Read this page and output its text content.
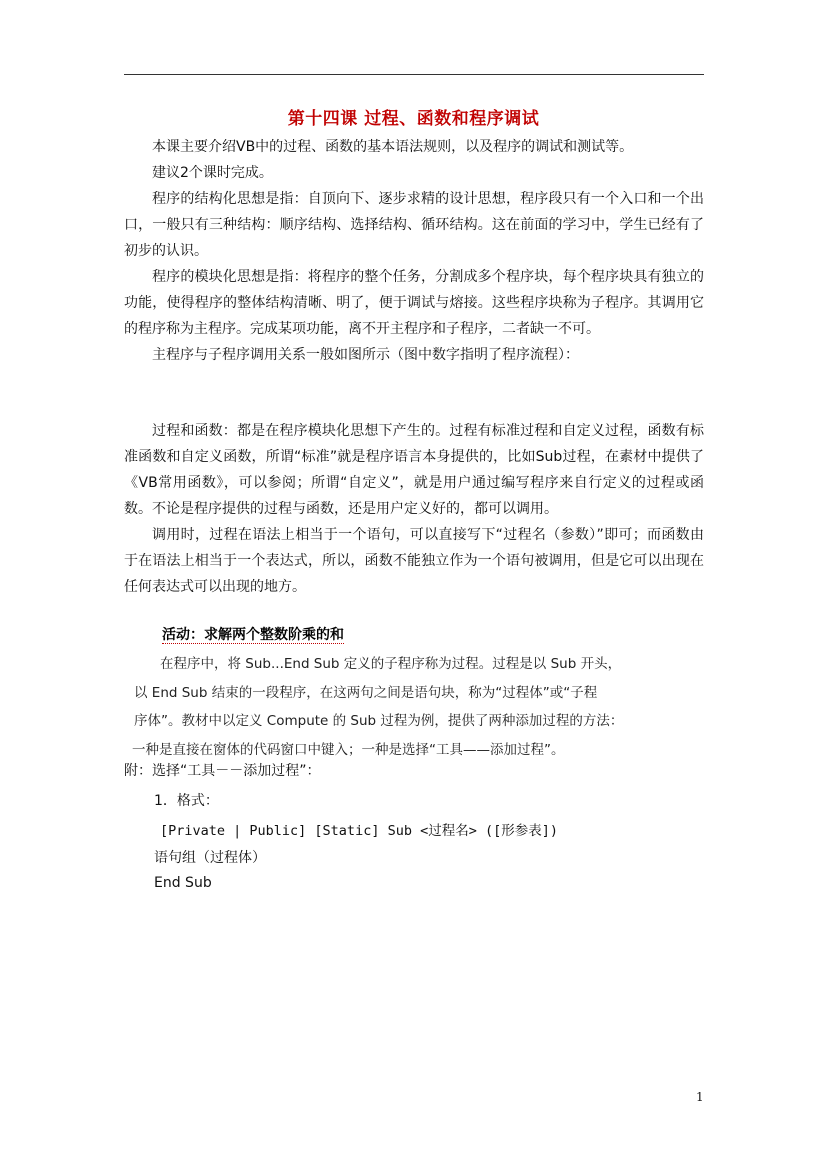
第十四课 过程、函数和程序调试

本课主要介绍VB中的过程、函数的基本语法规则，以及程序的调试和测试等。

建议2个课时完成。

程序的结构化思想是指：自顶向下、逐步求精的设计思想，程序段只有一个入口和一个出口，一般只有三种结构：顺序结构、选择结构、循环结构。这在前面的学习中，学生已经有了初步的认识。

程序的模块化思想是指：将程序的整个任务，分割成多个程序块，每个程序块具有独立的功能，使得程序的整体结构清晰、明了，便于调试与熔接。这些程序块称为子程序。其调用它的程序称为主程序。完成某项功能，离不开主程序和子程序，二者缺一不可。

主程序与子程序调用关系一般如图所示（图中数字指明了程序流程）：

过程和函数：都是在程序模块化思想下产生的。过程有标准过程和自定义过程，函数有标准函数和自定义函数，所谓“标准”就是程序语言本身提供的，比如Sub过程，在素材中提供了《VB常用函数》，可以参阅；所谓“自定义”，就是用户通过编写程序来自行定义的过程或函数。不论是程序提供的过程与函数，还是用户定义好的，都可以调用。

调用时，过程在语法上相当于一个语句，可以直接写下“过程名（参数）”即可；而函数由于在语法上相当于一个表达式，所以，函数不能独立作为一个语句被调用，但是它可以出现在任何表达式可以出现的地方。

活动：求解两个整数阶乘的和
在程序中，将 Sub...End Sub 定义的子程序称为过程。过程是以 Sub 开头，
以 End Sub 结束的一段程序，在这两句之间是语句块，称为“过程体”或“子程
序体”。教材中以定义 Compute 的 Sub 过程为例，提供了两种添加过程的方法：
一种是直接在窗体的代码窗口中键入；一种是选择“工具——添加过程”。
附：选择“工具－－添加过程”：
1．格式：
[Private | Public] [Static] Sub <过程名> ([形参表])
语句组（过程体）
End Sub
1
